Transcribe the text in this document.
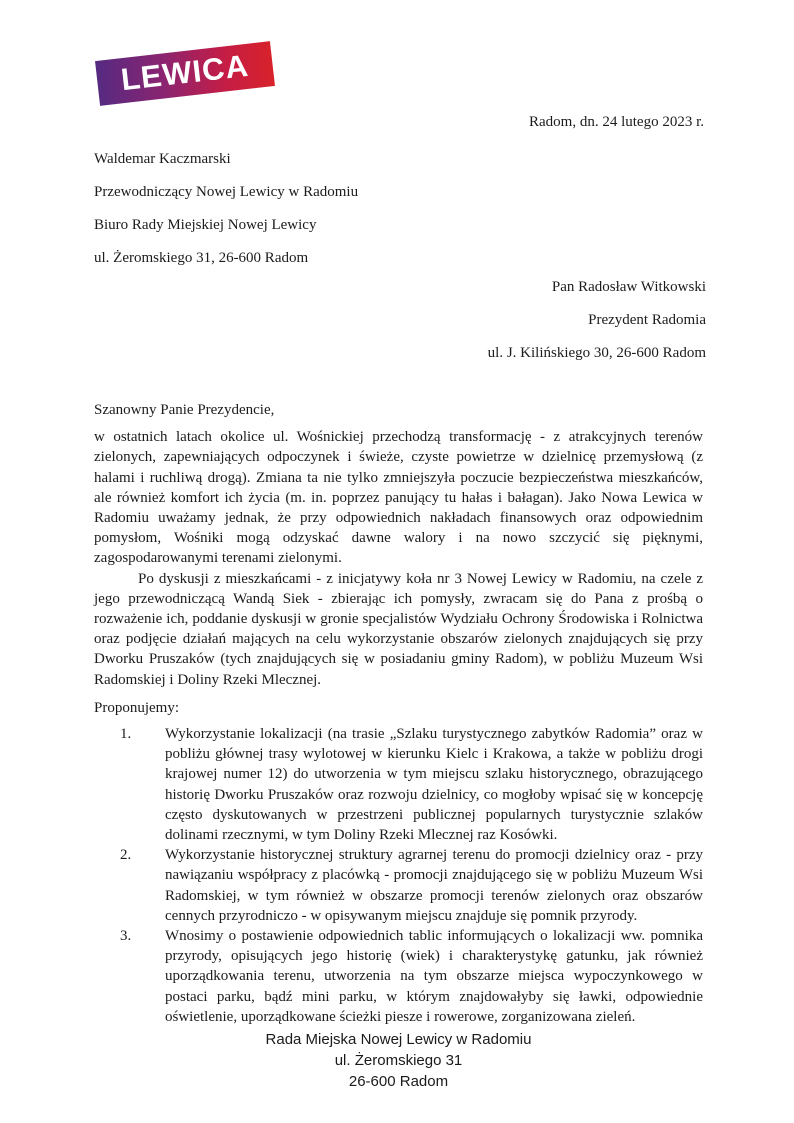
LEWICA
Radom, dn. 24 lutego 2023 r.
Waldemar Kaczmarski
Przewodniczący Nowej Lewicy w Radomiu
Biuro Rady Miejskiej Nowej Lewicy
ul. Żeromskiego 31, 26-600 Radom
Pan Radosław Witkowski
Prezydent Radomia
ul. J. Kilińskiego 30, 26-600 Radom

Szanowny Panie Prezydencie,

w ostatnich latach okolice ul. Wośnickiej przechodzą transformację - z atrakcyjnych terenów zielonych, zapewniających odpoczynek i świeże, czyste powietrze w dzielnicę przemysłową (z halami i ruchliwą drogą). Zmiana ta nie tylko zmniejszyła poczucie bezpieczeństwa mieszkańców, ale również komfort ich życia (m. in. poprzez panujący tu hałas i bałagan). Jako Nowa Lewica w Radomiu uważamy jednak, że przy odpowiednich nakładach finansowych oraz odpowiednim pomysłom, Wośniki mogą odzyskać dawne walory i na nowo szczycić się pięknymi, zagospodarowanymi terenami zielonymi.

Po dyskusji z mieszkańcami - z inicjatywy koła nr 3 Nowej Lewicy w Radomiu, na czele z jego przewodniczącą Wandą Siek - zbierając ich pomysły, zwracam się do Pana z prośbą o rozważenie ich, poddanie dyskusji w gronie specjalistów Wydziału Ochrony Środowiska i Rolnictwa oraz podjęcie działań mających na celu wykorzystanie obszarów zielonych znajdujących się przy Dworku Pruszaków (tych znajdujących się w posiadaniu gminy Radom), w pobliżu Muzeum Wsi Radomskiej i Doliny Rzeki Mlecznej.

Proponujemy:

1.	Wykorzystanie lokalizacji (na trasie „Szlaku turystycznego zabytków Radomia” oraz w pobliżu głównej trasy wylotowej w kierunku Kielc i Krakowa, a także w pobliżu drogi krajowej numer 12) do utworzenia w tym miejscu szlaku historycznego, obrazującego historię Dworku Pruszaków oraz rozwoju dzielnicy, co mogłoby wpisać się w koncepcję często dyskutowanych w przestrzeni publicznej popularnych turystycznie szlaków dolinami rzecznymi, w tym Doliny Rzeki Mlecznej raz Kosówki.
2.	Wykorzystanie historycznej struktury agrarnej terenu do promocji dzielnicy oraz - przy nawiązaniu współpracy z placówką - promocji znajdującego się w pobliżu Muzeum Wsi Radomskiej, w tym również w obszarze promocji terenów zielonych oraz obszarów cennych przyrodniczo - w opisywanym miejscu znajduje się pomnik przyrody.
3.	Wnosimy o postawienie odpowiednich tablic informujących o lokalizacji ww. pomnika przyrody, opisujących jego historię (wiek) i charakterystykę gatunku, jak również uporządkowania terenu, utworzenia na tym obszarze miejsca wypoczynkowego w postaci parku, bądź mini parku, w którym znajdowałyby się ławki, odpowiednie oświetlenie, uporządkowane ścieżki piesze i rowerowe, zorganizowana zieleń.
Rada Miejska Nowej Lewicy w Radomiu
ul. Żeromskiego 31
26-600 Radom
